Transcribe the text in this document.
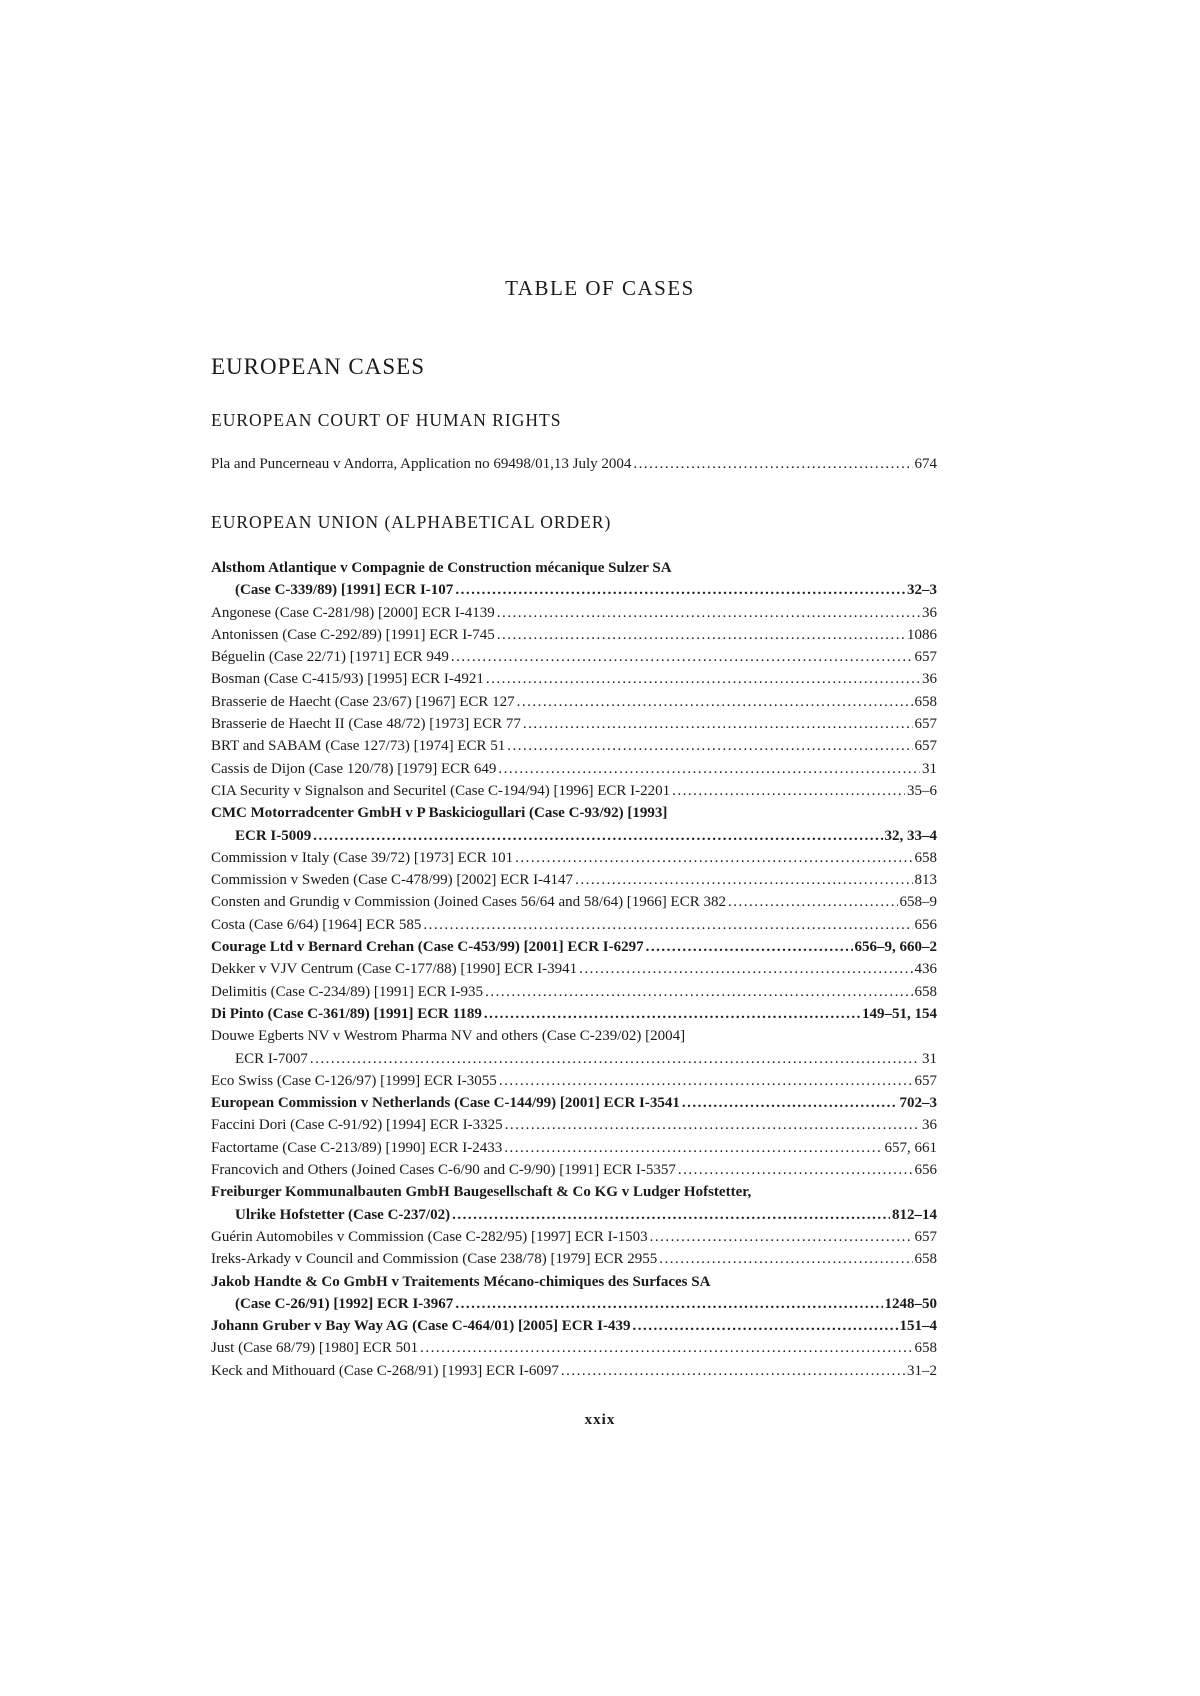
TABLE OF CASES
EUROPEAN CASES
EUROPEAN COURT OF HUMAN RIGHTS
Pla and Puncerneau v Andorra, Application no 69498/01,13 July 2004 .....	674
EUROPEAN UNION (ALPHABETICAL ORDER)
Alsthom Atlantique v Compagnie de Construction mécanique Sulzer SA
(Case C-339/89) [1991] ECR I-107 .....	32–3
Angonese (Case C-281/98) [2000] ECR I-4139 .....	36
Antonissen (Case C-292/89) [1991] ECR I-745 .....	1086
Béguelin (Case 22/71) [1971] ECR 949 .....	657
Bosman (Case C-415/93) [1995] ECR I-4921 .....	36
Brasserie de Haecht (Case 23/67) [1967] ECR 127 .....	658
Brasserie de Haecht II (Case 48/72) [1973] ECR 77 .....	657
BRT and SABAM (Case 127/73) [1974] ECR 51 .....	657
Cassis de Dijon (Case 120/78) [1979] ECR 649 .....	31
CIA Security v Signalson and Securitel (Case C-194/94) [1996] ECR I-2201 .....	35–6
CMC Motorradcenter GmbH v P Baskiciogullari (Case C-93/92) [1993]
ECR I-5009 .....	32, 33–4
Commission v Italy (Case 39/72) [1973] ECR 101 .....	658
Commission v Sweden (Case C-478/99) [2002] ECR I-4147 .....	813
Consten and Grundig v Commission (Joined Cases 56/64 and 58/64) [1966] ECR 382 .....	658–9
Costa (Case 6/64) [1964] ECR 585 .....	656
Courage Ltd v Bernard Crehan (Case C-453/99) [2001] ECR I-6297 .....	656–9, 660–2
Dekker v VJV Centrum (Case C-177/88) [1990] ECR I-3941 .....	436
Delimitis (Case C-234/89) [1991] ECR I-935 .....	658
Di Pinto (Case C-361/89) [1991] ECR 1189 .....	149–51, 154
Douwe Egberts NV v Westrom Pharma NV and others (Case C-239/02) [2004]
ECR I-7007 .....	31
Eco Swiss (Case C-126/97) [1999] ECR I-3055 .....	657
European Commission v Netherlands (Case C-144/99) [2001] ECR I-3541 .....	702–3
Faccini Dori (Case C-91/92) [1994] ECR I-3325 .....	36
Factortame (Case C-213/89) [1990] ECR I-2433 .....	657, 661
Francovich and Others (Joined Cases C-6/90 and C-9/90) [1991] ECR I-5357 .....	656
Freiburger Kommunalbauten GmbH Baugesellschaft & Co KG v Ludger Hofstetter,
Ulrike Hofstetter (Case C-237/02) .....	812–14
Guérin Automobiles v Commission (Case C-282/95) [1997] ECR I-1503 .....	657
Ireks-Arkady v Council and Commission (Case 238/78) [1979] ECR 2955 .....	658
Jakob Handte & Co GmbH v Traitements Mécano-chimiques des Surfaces SA
(Case C-26/91) [1992] ECR I-3967 .....	1248–50
Johann Gruber v Bay Way AG (Case C-464/01) [2005] ECR I-439 .....	151–4
Just (Case 68/79) [1980] ECR 501 .....	658
Keck and Mithouard (Case C-268/91) [1993] ECR I-6097 .....	31–2
xxix
